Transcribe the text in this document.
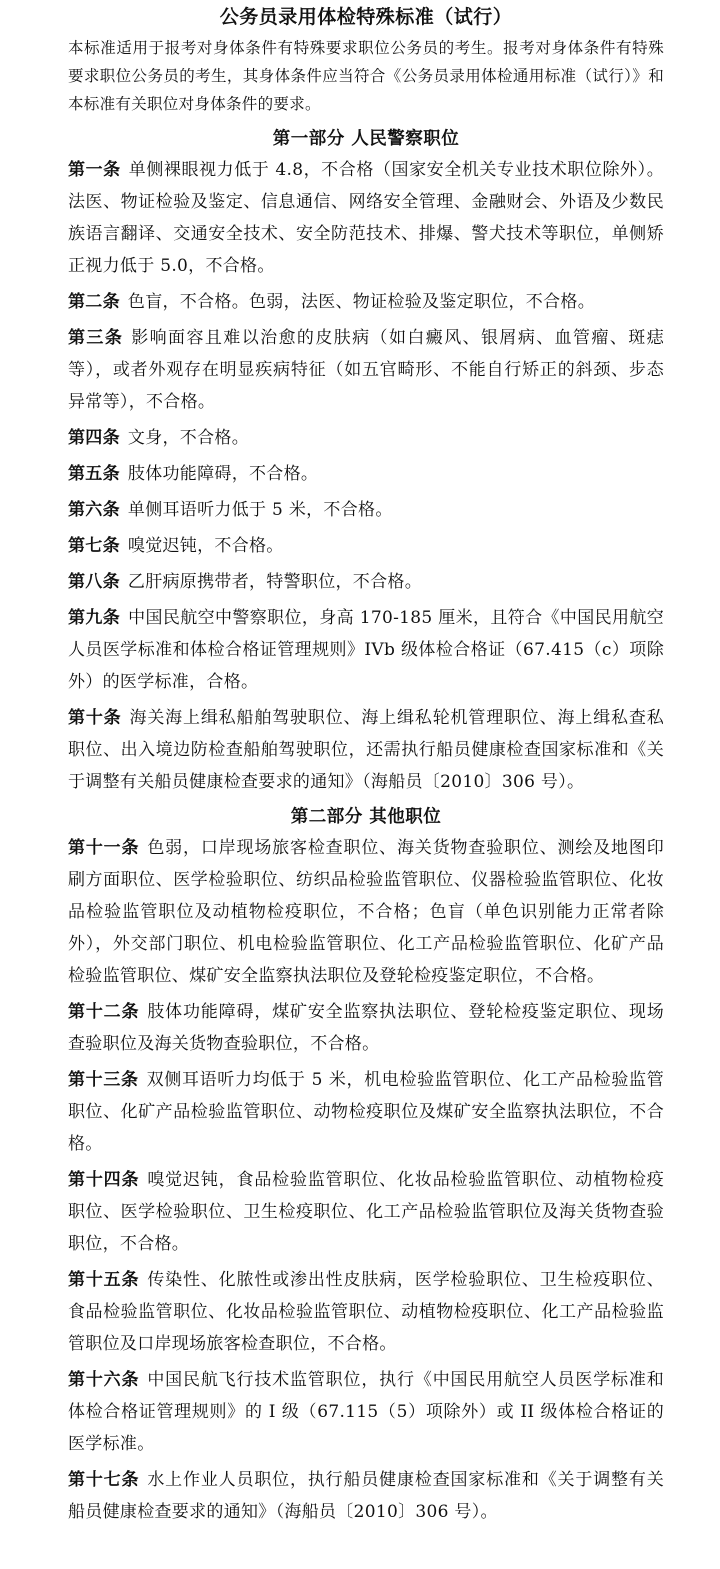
公务员录用体检特殊标准（试行）

本标准适用于报考对身体条件有特殊要求职位公务员的考生。报考对身体条件有特殊要求职位公务员的考生，其身体条件应当符合《公务员录用体检通用标准（试行）》和本标准有关职位对身体条件的要求。

第一部分 人民警察职位

第一条 单侧裸眼视力低于 4.8，不合格（国家安全机关专业技术职位除外）。法医、物证检验及鉴定、信息通信、网络安全管理、金融财会、外语及少数民族语言翻译、交通安全技术、安全防范技术、排爆、警犬技术等职位，单侧矫正视力低于 5.0，不合格。

第二条 色盲，不合格。色弱，法医、物证检验及鉴定职位，不合格。

第三条 影响面容且难以治愈的皮肤病（如白癜风、银屑病、血管瘤、斑痣等），或者外观存在明显疾病特征（如五官畸形、不能自行矫正的斜颈、步态异常等），不合格。

第四条 文身，不合格。

第五条 肢体功能障碍，不合格。

第六条 单侧耳语听力低于 5 米，不合格。

第七条 嗅觉迟钝，不合格。

第八条 乙肝病原携带者，特警职位，不合格。

第九条 中国民航空中警察职位，身高 170-185 厘米，且符合《中国民用航空人员医学标准和体检合格证管理规则》IVb 级体检合格证（67.415（c）项除外）的医学标准，合格。

第十条 海关海上缉私船舶驾驶职位、海上缉私轮机管理职位、海上缉私查私职位、出入境边防检查船舶驾驶职位，还需执行船员健康检查国家标准和《关于调整有关船员健康检查要求的通知》（海船员〔2010〕306 号）。

第二部分 其他职位

第十一条 色弱，口岸现场旅客检查职位、海关货物查验职位、测绘及地图印刷方面职位、医学检验职位、纺织品检验监管职位、仪器检验监管职位、化妆品检验监管职位及动植物检疫职位，不合格；色盲（单色识别能力正常者除外），外交部门职位、机电检验监管职位、化工产品检验监管职位、化矿产品检验监管职位、煤矿安全监察执法职位及登轮检疫鉴定职位，不合格。

第十二条 肢体功能障碍，煤矿安全监察执法职位、登轮检疫鉴定职位、现场查验职位及海关货物查验职位，不合格。

第十三条 双侧耳语听力均低于 5 米，机电检验监管职位、化工产品检验监管职位、化矿产品检验监管职位、动物检疫职位及煤矿安全监察执法职位，不合格。

第十四条 嗅觉迟钝，食品检验监管职位、化妆品检验监管职位、动植物检疫职位、医学检验职位、卫生检疫职位、化工产品检验监管职位及海关货物查验职位，不合格。

第十五条 传染性、化脓性或渗出性皮肤病，医学检验职位、卫生检疫职位、食品检验监管职位、化妆品检验监管职位、动植物检疫职位、化工产品检验监管职位及口岸现场旅客检查职位，不合格。

第十六条 中国民航飞行技术监管职位，执行《中国民用航空人员医学标准和体检合格证管理规则》的 I 级（67.115（5）项除外）或 II 级体检合格证的医学标准。

第十七条 水上作业人员职位，执行船员健康检查国家标准和《关于调整有关船员健康检查要求的通知》（海船员〔2010〕306 号）。
